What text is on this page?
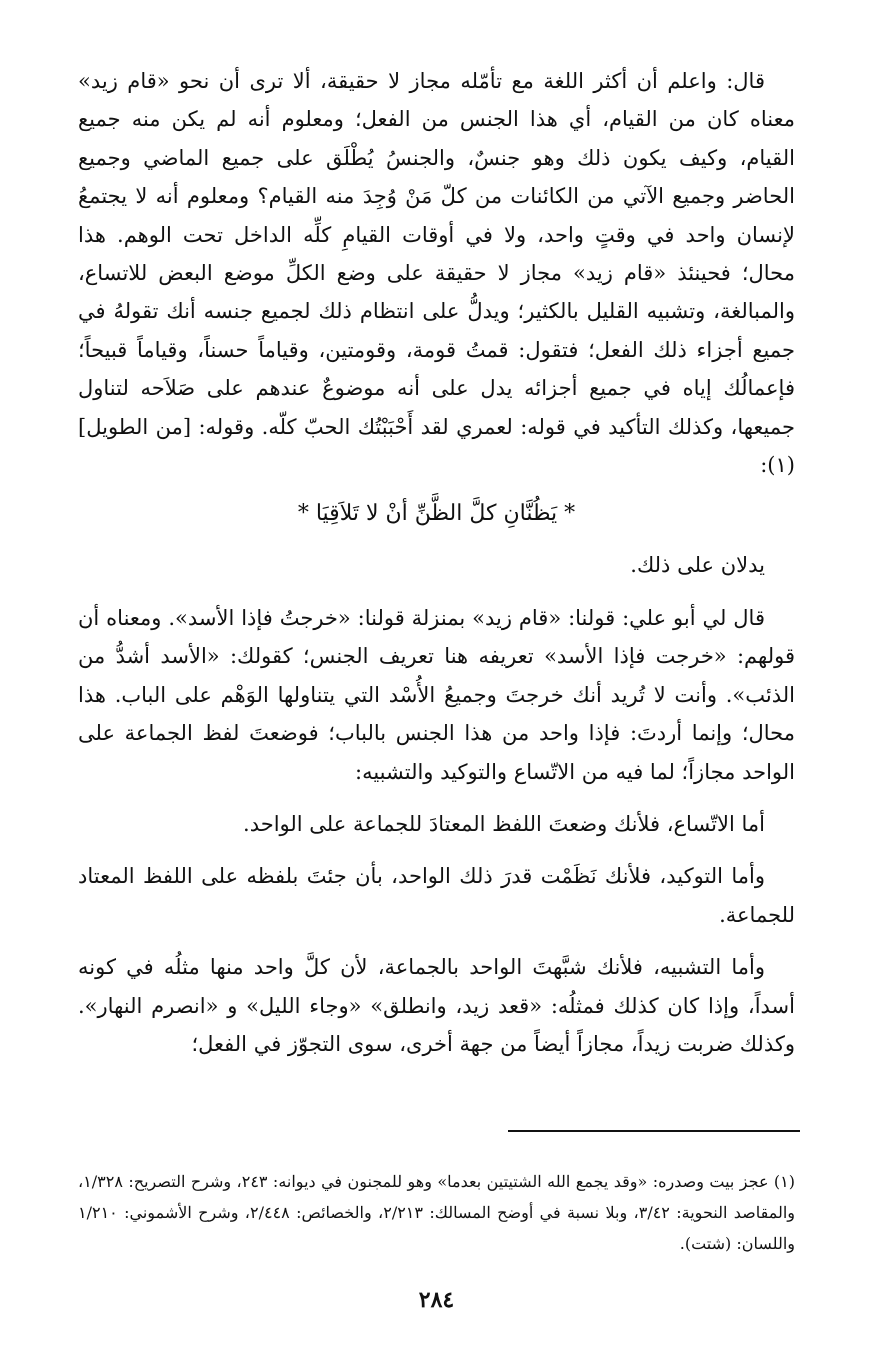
قال: واعلم أن أكثر اللغة مع تأمّله مجاز لا حقيقة، ألا ترى أن نحو «قام زيد» معناه كان من القيام، أي هذا الجنس من الفعل؛ ومعلوم أنه لم يكن منه جميع القيام، وكيف يكون ذلك وهو جنسٌ، والجنسُ يُطْلَق على جميع الماضي وجميع الحاضر وجميع الآتي من الكائنات من كلّ مَنْ وُجِدَ منه القيام؟ ومعلوم أنه لا يجتمعُ لإنسان واحد في وقتٍ واحد، ولا في أوقات القيامِ كلِّه الداخل تحت الوهم. هذا محال؛ فحينئذ «قام زيد» مجاز لا حقيقة على وضع الكلِّ موضع البعض للاتساع، والمبالغة، وتشبيه القليل بالكثير؛ ويدلُّ على انتظام ذلك لجميع جنسه أنك تقولهُ في جميع أجزاء ذلك الفعل؛ فتقول: قمتُ قومة، وقومتين، وقياماً حسناً، وقياماً قبيحاً؛ فإعمالُك إياه في جميع أجزائه يدل على أنه موضوعٌ عندهم على صَلاَحه لتناول جميعها، وكذلك التأكيد في قوله: لعمري لقد أَحْبَبْتُك الحبّ كلّه. وقوله: [من الطويل](١):

* يَظُنَّانِ كلَّ الظَّنِّ أنْ لا تَلاَقِيَا *

يدلان على ذلك.

قال لي أبو علي: قولنا: «قام زيد» بمنزلة قولنا: «خرجتُ فإذا الأسد». ومعناه أن قولهم: «خرجت فإذا الأسد» تعريفه هنا تعريف الجنس؛ كقولك: «الأسد أشدُّ من الذئب». وأنت لا تُريد أنك خرجتَ وجميعُ الأُسْد التي يتناولها الوَهْم على الباب. هذا محال؛ وإنما أردتَ: فإذا واحد من هذا الجنس بالباب؛ فوضعتَ لفظ الجماعة على الواحد مجازاً؛ لما فيه من الاتّساع والتوكيد والتشبيه:

أما الاتّساع، فلأنك وضعتَ اللفظ المعتادَ للجماعة على الواحد.

وأما التوكيد، فلأنك نَظَمْت قدرَ ذلك الواحد، بأن جئتَ بلفظه على اللفظ المعتاد للجماعة.

وأما التشبيه، فلأنك شبَّهتَ الواحد بالجماعة، لأن كلَّ واحد منها مثلُه في كونه أسداً، وإذا كان كذلك فمثلُه: «قعد زيد، وانطلق» «وجاء الليل» و «انصرم النهار». وكذلك ضربت زيداً، مجازاً أيضاً من جهة أخرى، سوى التجوّز في الفعل؛

(١) عجز بيت وصدره: «وقد يجمع الله الشتيتين بعدما» وهو للمجنون في ديوانه: ٢٤٣، وشرح التصريح: ١/٣٢٨، والمقاصد النحوية: ٣/٤٢، وبلا نسبة في أوضح المسالك: ٢/٢١٣، والخصائص: ٢/٤٤٨، وشرح الأشموني: ١/٢١٠ واللسان: (شتت).

٢٨٤
